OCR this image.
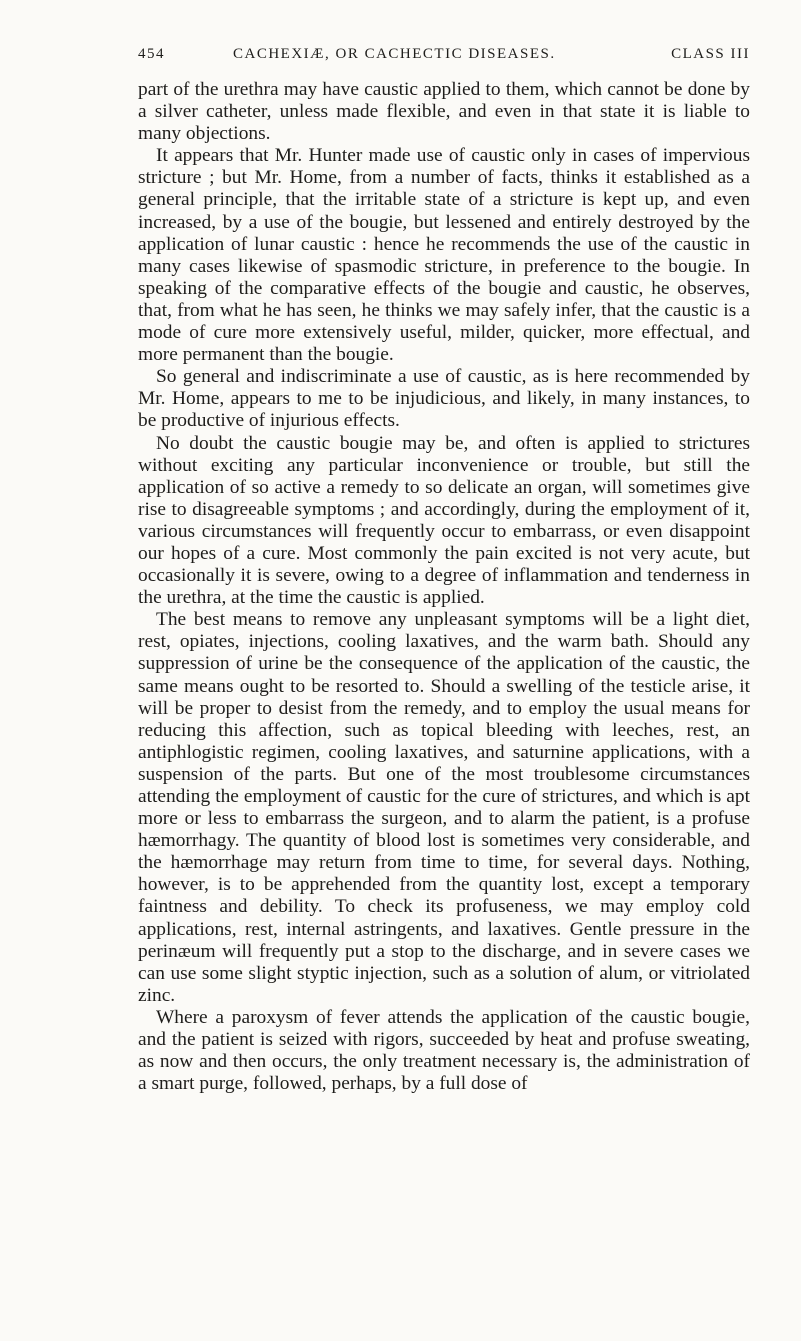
454	CACHEXIÆ, OR CACHECTIC DISEASES.	CLASS III

part of the urethra may have caustic applied to them, which cannot be done by a silver catheter, unless made flexible, and even in that state it is liable to many objections.

It appears that Mr. Hunter made use of caustic only in cases of impervious stricture ; but Mr. Home, from a number of facts, thinks it established as a general principle, that the irritable state of a stricture is kept up, and even increased, by a use of the bougie, but lessened and entirely destroyed by the application of lunar caustic : hence he recommends the use of the caustic in many cases likewise of spasmodic stricture, in preference to the bougie. In speaking of the comparative effects of the bougie and caustic, he observes, that, from what he has seen, he thinks we may safely infer, that the caustic is a mode of cure more extensively useful, milder, quicker, more effectual, and more permanent than the bougie.

So general and indiscriminate a use of caustic, as is here recommended by Mr. Home, appears to me to be injudicious, and likely, in many instances, to be productive of injurious effects.

No doubt the caustic bougie may be, and often is applied to strictures without exciting any particular inconvenience or trouble, but still the application of so active a remedy to so delicate an organ, will sometimes give rise to disagreeable symptoms ; and accordingly, during the employment of it, various circumstances will frequently occur to embarrass, or even disappoint our hopes of a cure. Most commonly the pain excited is not very acute, but occasionally it is severe, owing to a degree of inflammation and tenderness in the urethra, at the time the caustic is applied.

The best means to remove any unpleasant symptoms will be a light diet, rest, opiates, injections, cooling laxatives, and the warm bath. Should any suppression of urine be the consequence of the application of the caustic, the same means ought to be resorted to. Should a swelling of the testicle arise, it will be proper to desist from the remedy, and to employ the usual means for reducing this affection, such as topical bleeding with leeches, rest, an antiphlogistic regimen, cooling laxatives, and saturnine applications, with a suspension of the parts. But one of the most troublesome circumstances attending the employment of caustic for the cure of strictures, and which is apt more or less to embarrass the surgeon, and to alarm the patient, is a profuse hæmorrhagy. The quantity of blood lost is sometimes very considerable, and the hæmorrhage may return from time to time, for several days. Nothing, however, is to be apprehended from the quantity lost, except a temporary faintness and debility. To check its profuseness, we may employ cold applications, rest, internal astringents, and laxatives. Gentle pressure in the perinæum will frequently put a stop to the discharge, and in severe cases we can use some slight styptic injection, such as a solution of alum, or vitriolated zinc.

Where a paroxysm of fever attends the application of the caustic bougie, and the patient is seized with rigors, succeeded by heat and profuse sweating, as now and then occurs, the only treatment necessary is, the administration of a smart purge, followed, perhaps, by a full dose of
